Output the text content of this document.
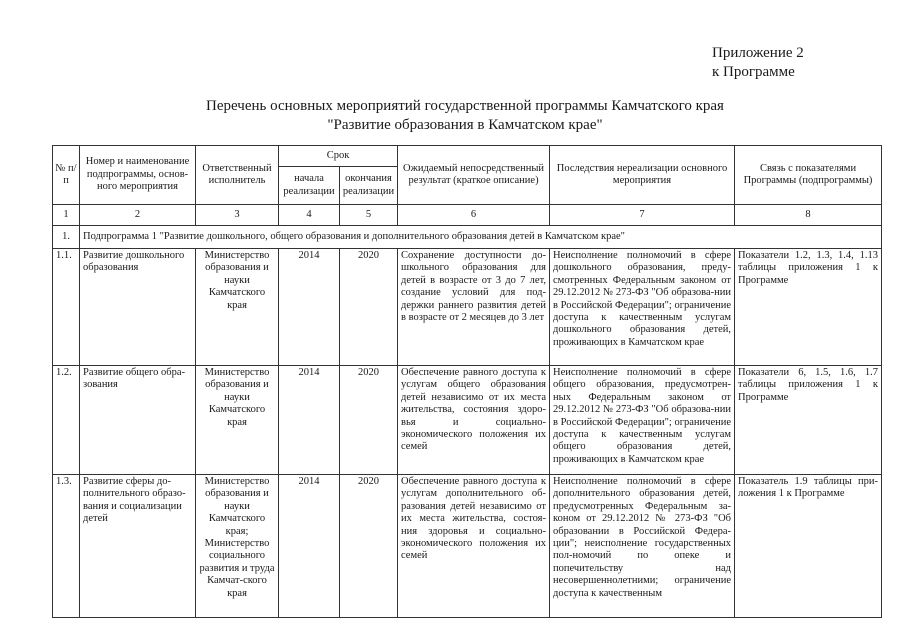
Приложение 2
к Программе
Перечень основных мероприятий государственной программы Камчатского края
"Развитие образования в Камчатском крае"
№ п/п	Номер и наименование подпрограммы, основ-ного мероприятия	Ответственный исполнитель	Срок		Ожидаемый непосредственный результат (краткое описание)	Последствия нереализации основного мероприятия	Связь с показателями Программы (подпрограммы)
			начала реализации	окончания реализации			
1	2	3	4	5	6	7	8
1.	Подпрограмма 1 "Развитие дошкольного, общего образования и дополнительного образования детей в Камчатском крае"						
1.1.	Развитие дошкольного образования	Министерство образования и науки Камчатского края	2014	2020	Сохранение доступности до-школьного образования для детей в возрасте от 3 до 7 лет, создание условий для под-держки раннего развития детей в возрасте от 2 месяцев до 3 лет	Неисполнение полномочий в сфере дошкольного образования, преду-смотренных Федеральным законом от 29.12.2012 № 273-ФЗ "Об образова-нии в Российской Федерации"; ограничение доступа к качественным услугам дошкольного образования детей, проживающих в Камчатском крае	Показатели 1.2, 1.3, 1.4, 1.13 таблицы приложения 1 к Программе
1.2.	Развитие общего обра-зования	Министерство образования и науки Камчатского края	2014	2020	Обеспечение равного доступа к услугам общего образования детей независимо от их места жительства, состояния здоро-вья и социально-экономического положения их семей	Неисполнение полномочий в сфере общего образования, предусмотрен-ных Федеральным законом от 29.12.2012 № 273-ФЗ "Об образова-нии в Российской Федерации"; ограничение доступа к качественным услугам общего образования детей, проживающих в Камчатском крае	Показатели 6, 1.5, 1.6, 1.7 таблицы приложения 1 к Программе
1.3.	Развитие сферы до-полнительного образо-вания и социализации детей	Министерство образования и науки Камчатского края; Министерство социального развития и труда Камчат-ского края	2014	2020	Обеспечение равного доступа к услугам дополнительного об-разования детей независимо от их места жительства, состоя-ния здоровья и социально-экономического положения их семей	Неисполнение полномочий в сфере дополнительного образования детей, предусмотренных Федеральным за-коном от 29.12.2012 № 273-ФЗ "Об образовании в Российской Федера-ции"; неисполнение государственных пол-номочий по опеке и попечительству над несовершеннолетними; ограничение доступа к качественным	Показатель 1.9 таблицы при-ложения 1 к Программе
